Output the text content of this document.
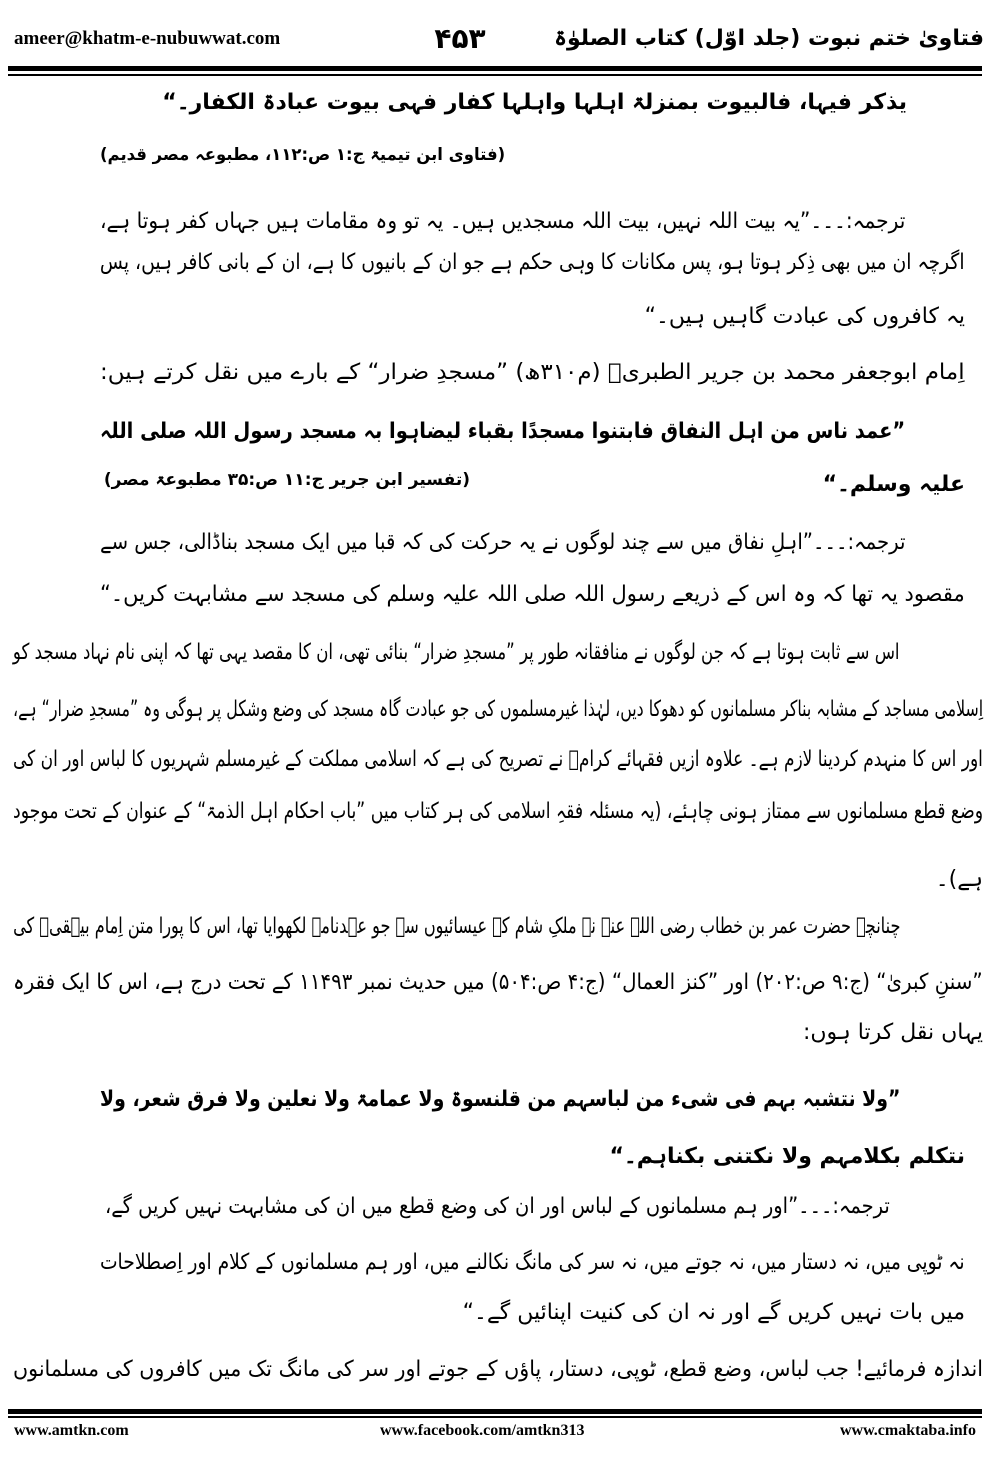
ameer@khatm-e-nubuwwat.com	۴۵۳	فتاویٰ ختم نبوت (جلد اوّل) کتاب الصلوٰۃ
یذکر فیہا، فالبیوت بمنزلۃ اہلہا واہلہا کفار فہی بیوت عبادۃ الکفار۔“
(فتاوی ابن تیمیۃ ج:۱ ص:۱۱۲، مطبوعہ مصر قدیم)
ترجمہ:۔۔۔”یہ بیت اللہ نہیں، بیت اللہ مسجدیں ہیں۔ یہ تو وہ مقامات ہیں جہاں کفر ہوتا ہے،
اگرچہ ان میں بھی ذِکر ہوتا ہو، پس مکانات کا وہی حکم ہے جو ان کے بانیوں کا ہے، ان کے بانی کافر ہیں، پس
یہ کافروں کی عبادت گاہیں ہیں۔“
اِمام ابوجعفر محمد بن جریر الطبریؒ (م۳۱۰ھ) ”مسجدِ ضرار“ کے بارے میں نقل کرتے ہیں:
”عمد ناس من اہل النفاق فابتنوا مسجدًا بقباء لیضاہوا بہ مسجد رسول اللہ صلی اللہ
علیہ وسلم۔“
(تفسیر ابن جریر ج:۱۱ ص:۳۵ مطبوعۃ مصر)
ترجمہ:۔۔۔”اہلِ نفاق میں سے چند لوگوں نے یہ حرکت کی کہ قبا میں ایک مسجد بناڈالی، جس سے
مقصود یہ تھا کہ وہ اس کے ذریعے رسول اللہ صلی اللہ علیہ وسلم کی مسجد سے مشابہت کریں۔“
اس سے ثابت ہوتا ہے کہ جن لوگوں نے منافقانہ طور پر ”مسجدِ ضرار“ بنائی تھی، ان کا مقصد یہی تھا کہ اپنی نام نہاد مسجد کو
اِسلامی مساجد کے مشابہ بناکر مسلمانوں کو دھوکا دیں، لہٰذا غیرمسلموں کی جو عبادت گاہ مسجد کی وضع وشکل پر ہوگی وہ ”مسجدِ ضرار“ ہے،
اور اس کا منہدم کردینا لازم ہے۔ علاوہ ازیں فقہائے کرامؒ نے تصریح کی ہے کہ اسلامی مملکت کے غیرمسلم شہریوں کا لباس اور ان کی
وضع قطع مسلمانوں سے ممتاز ہونی چاہئے، (یہ مسئلہ فقہِ اسلامی کی ہر کتاب میں ”باب احکام اہل الذمۃ“ کے عنوان کے تحت موجود
ہے)۔
چنانچہ حضرت عمر بن خطاب رضی اللہ عنہ نے ملکِ شام کے عیسائیوں سے جو عہدنامہ لکھوایا تھا، اس کا پورا متن اِمام بیہقیؒ کی
”سننِ کبریٰ“ (ج:۹ ص:۲۰۲) اور ”کنز العمال“ (ج:۴ ص:۵۰۴) میں حدیث نمبر ۱۱۴۹۳ کے تحت درج ہے، اس کا ایک فقرہ
یہاں نقل کرتا ہوں:
”ولا نتشبہ بہم فی شیء من لباسہم من قلنسوۃ ولا عمامۃ ولا نعلین ولا فرق شعر، ولا
نتکلم بکلامہم ولا نکتنی بکناہم۔“
ترجمہ:۔۔۔”اور ہم مسلمانوں کے لباس اور ان کی وضع قطع میں ان کی مشابہت نہیں کریں گے،
نہ ٹوپی میں، نہ دستار میں، نہ جوتے میں، نہ سر کی مانگ نکالنے میں، اور ہم مسلمانوں کے کلام اور اِصطلاحات
میں بات نہیں کریں گے اور نہ ان کی کنیت اپنائیں گے۔“
اندازہ فرمائیے! جب لباس، وضع قطع، ٹوپی، دستار، پاؤں کے جوتے اور سر کی مانگ تک میں کافروں کی مسلمانوں
www.amtkn.com	www.facebook.com/amtkn313	www.cmaktaba.info
